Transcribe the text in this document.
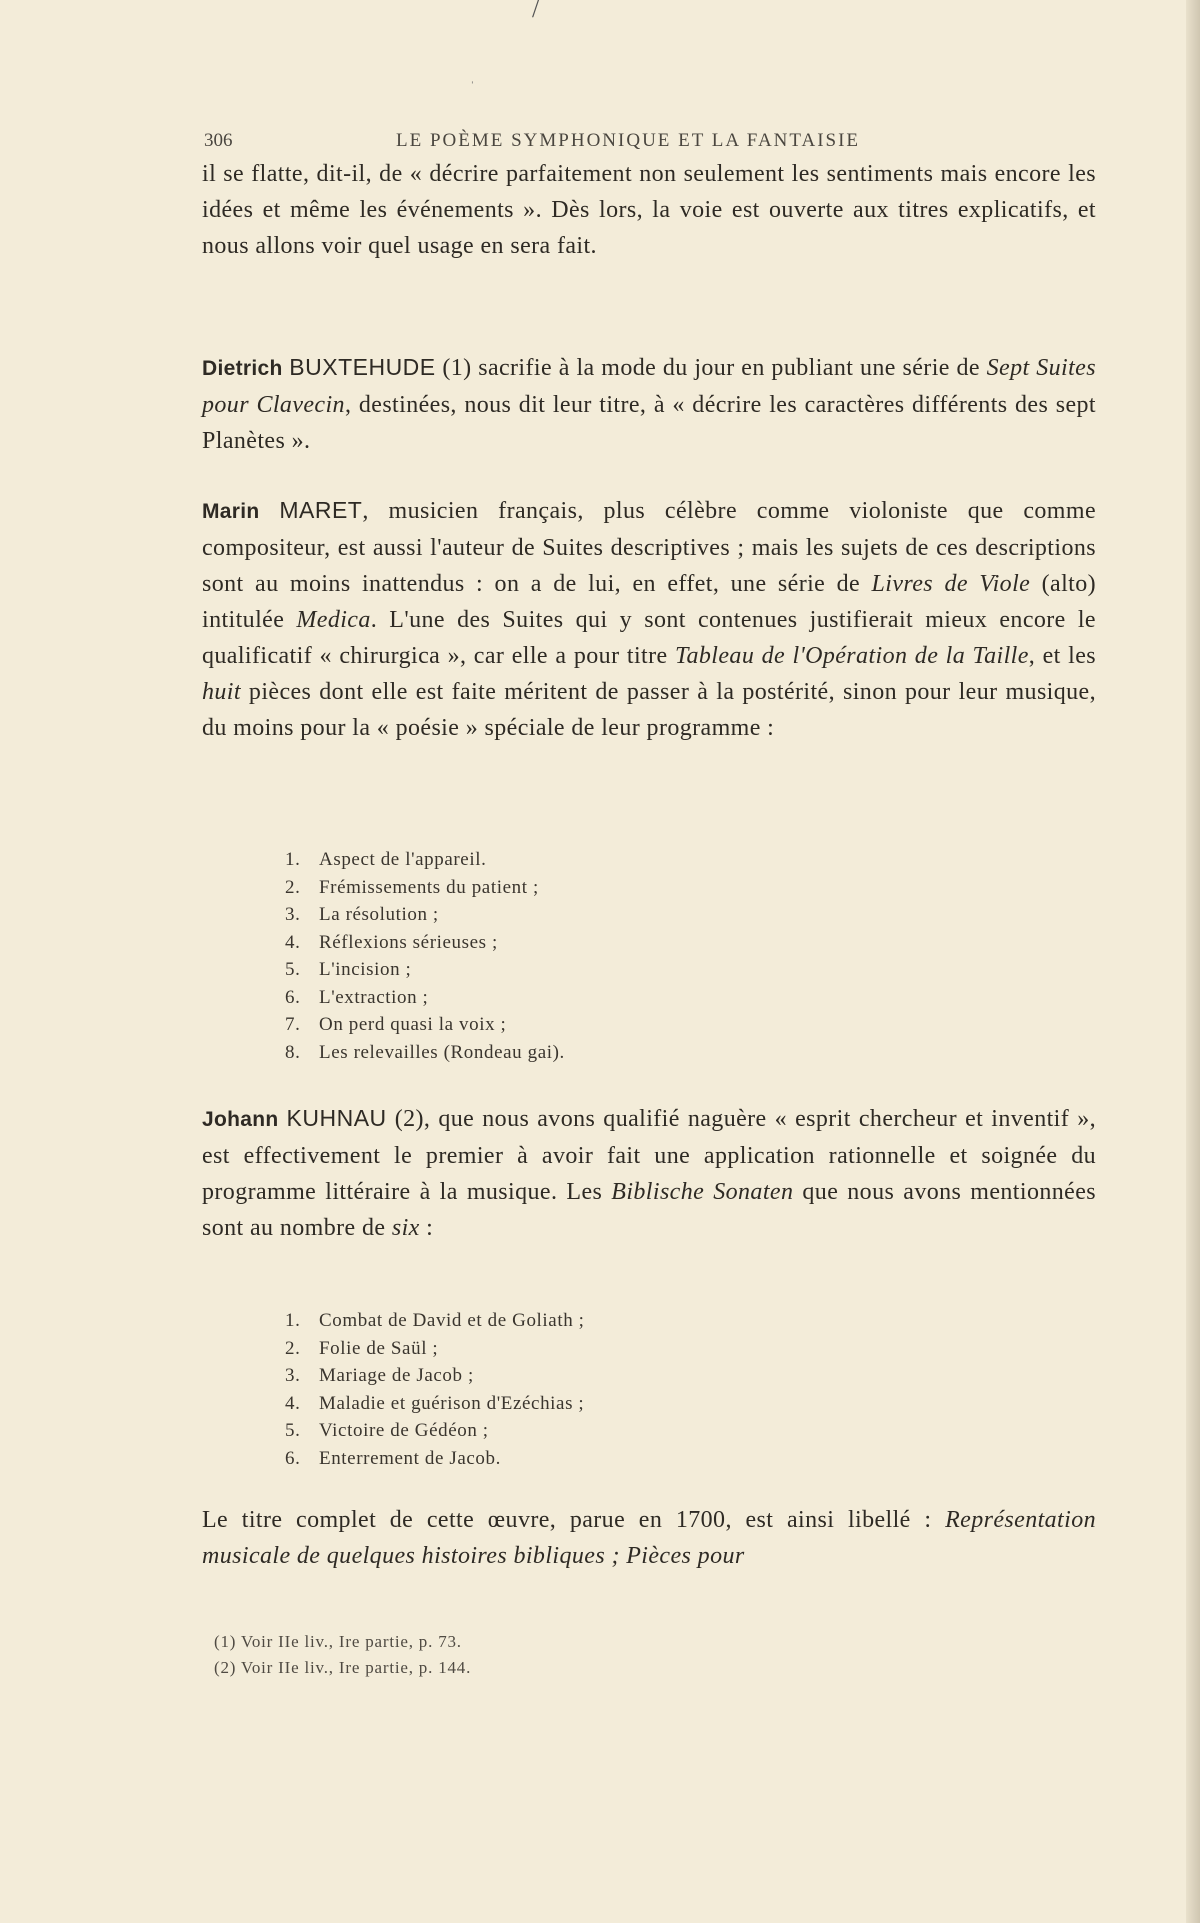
/
ˈ
306	LE POÈME SYMPHONIQUE ET LA FANTAISIE

il se flatte, dit-il, de « décrire parfaitement non seulement les sentiments mais encore les idées et même les événements ». Dès lors, la voie est ouverte aux titres explicatifs, et nous allons voir quel usage en sera fait.

Dietrich BUXTEHUDE (1) sacrifie à la mode du jour en publiant une série de Sept Suites pour Clavecin, destinées, nous dit leur titre, à « décrire les caractères différents des sept Planètes ».

Marin MARET, musicien français, plus célèbre comme violoniste que comme compositeur, est aussi l'auteur de Suites descriptives ; mais les sujets de ces descriptions sont au moins inattendus : on a de lui, en effet, une série de Livres de Viole (alto) intitulée Medica. L'une des Suites qui y sont contenues justifierait mieux encore le qualificatif « chirurgica », car elle a pour titre Tableau de l'Opération de la Taille, et les huit pièces dont elle est faite méritent de passer à la postérité, sinon pour leur musique, du moins pour la « poésie » spéciale de leur programme :

1. Aspect de l'appareil.
2. Frémissements du patient ;
3. La résolution ;
4. Réflexions sérieuses ;
5. L'incision ;
6. L'extraction ;
7. On perd quasi la voix ;
8. Les relevailles (Rondeau gai).

Johann KUHNAU (2), que nous avons qualifié naguère « esprit chercheur et inventif », est effectivement le premier à avoir fait une application rationnelle et soignée du programme littéraire à la musique. Les Biblische Sonaten que nous avons mentionnées sont au nombre de six :

1. Combat de David et de Goliath ;
2. Folie de Saül ;
3. Mariage de Jacob ;
4. Maladie et guérison d'Ezéchias ;
5. Victoire de Gédéon ;
6. Enterrement de Jacob.

Le titre complet de cette œuvre, parue en 1700, est ainsi libellé : Représentation musicale de quelques histoires bibliques ; Pièces pour

(1) Voir IIe liv., Ire partie, p. 73.
(2) Voir IIe liv., Ire partie, p. 144.
